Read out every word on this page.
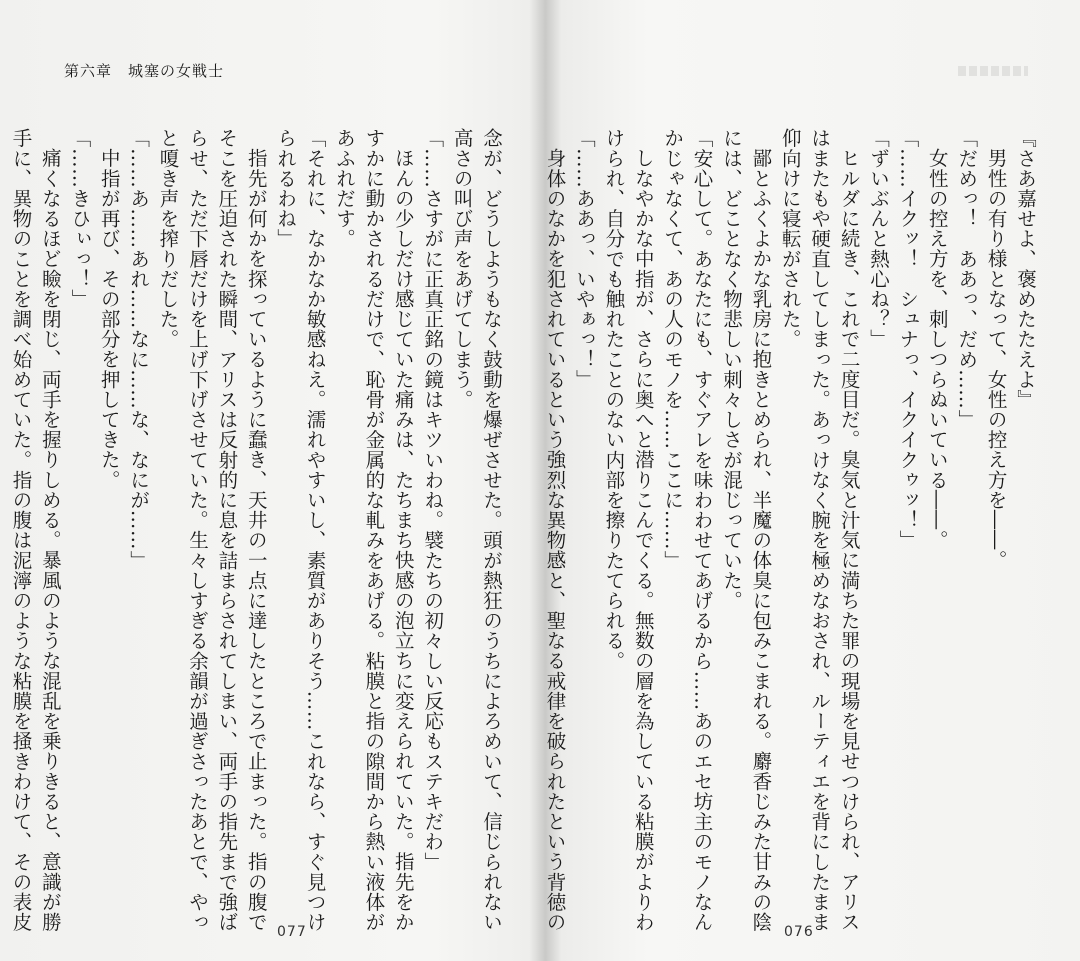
『さあ嘉せよ、褒めたたえよ』

男性の有り様となって、女性の控え方を――。

「だめっ！　ああっ、だめ……」

女性の控え方を、刺しつらぬいている――。

「……イクッ！　シュナっ、イクイクゥッ！」

「ずいぶんと熱心ね？」

ヒルダに続き、これで二度目だ。臭気と汁気に満ちた罪の現場を見せつけられ、アリス

はまたもや硬直してしまった。あっけなく腕を極めなおされ、ルーティエを背にしたまま

仰向けに寝転がされた。

鄙とふくよかな乳房に抱きとめられ、半魔の体臭に包みこまれる。麝香じみた甘みの陰

には、どことなく物悲しい刺々しさが混じっていた。

「安心して。あなたにも、すぐアレを味わわせてあげるから……あのエセ坊主のモノなん

かじゃなくて、あの人のモノを……ここに……」

しなやかな中指が、さらに奥へと潜りこんでくる。無数の層を為している粘膜がよりわ

けられ、自分でも触れたことのない内部を擦りたてられる。

「……ああっ、いやぁっ！」

身体のなかを犯されているという強烈な異物感と、聖なる戒律を破られたという背徳の

076
第六章　城塞の女戦士

念が、どうしようもなく鼓動を爆ぜさせた。頭が熱狂のうちによろめいて、信じられない

高さの叫び声をあげてしまう。

「……さすがに正真正銘の鏡はキツいわね。襞たちの初々しい反応もステキだわ」

ほんの少しだけ感じていた痛みは、たちまち快感の泡立ちに変えられていた。指先をか

すかに動かされるだけで、恥骨が金属的な軋みをあげる。粘膜と指の隙間から熱い液体が

あふれだす。

「それに、なかなか敏感ねえ。濡れやすいし、素質がありそう……これなら、すぐ見つけ

られるわね」

指先が何かを探っているように蠢き、天井の一点に達したところで止まった。指の腹で

そこを圧迫された瞬間、アリスは反射的に息を詰まらされてしまい、両手の指先まで強ば

らせ、ただ下唇だけを上げ下げさせていた。生々しすぎる余韻が過ぎさったあとで、やっ

と嗄き声を搾りだした。

「……あ……あれ……なに……な、なにが……」

中指が再び、その部分を押してきた。

「……きひぃっ！」

痛くなるほど瞼を閉じ、両手を握りしめる。暴風のような混乱を乗りきると、意識が勝

手に、異物のことを調べ始めていた。指の腹は泥濘のような粘膜を掻きわけて、その表皮	077
